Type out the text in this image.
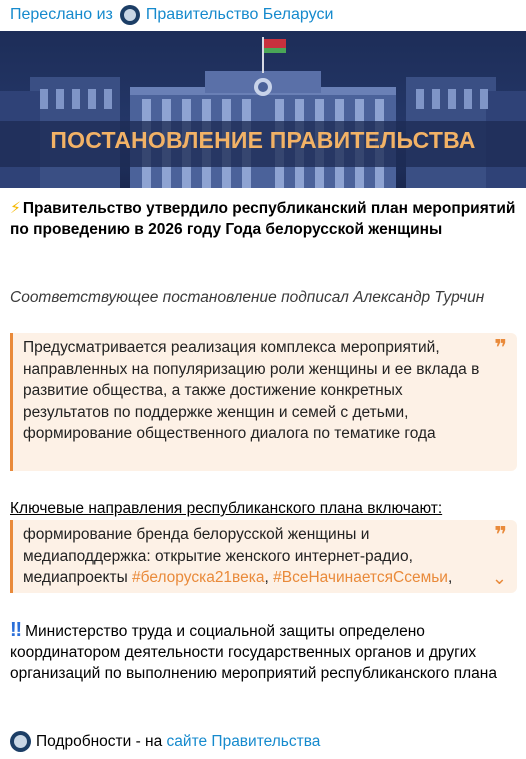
Переслано из Правительство Беларуси
ПОСТАНОВЛЕНИЕ ПРАВИТЕЛЬСТВА
⚡ Правительство утвердило республиканский план мероприятий по проведению в 2026 году Года белорусской женщины
Соответствующее постановление подписал Александр Турчин
Предусматривается реализация комплекса мероприятий, направленных на популяризацию роли женщины и ее вклада в развитие общества, а также достижение конкретных результатов по поддержке женщин и семей с детьми, формирование общественного диалога по тематике года
❞
Ключевые направления республиканского плана включают:
формирование бренда белорусской женщины и медиаподдержка: открытие женского интернет-радио, медиапроекты #белоруска21века, #ВсеНачинаетсяСсемьи,
❞
⌄
‼ Министерство труда и социальной защиты определено координатором деятельности государственных органов и других организаций по выполнению мероприятий республиканского плана
Подробности - на
сайте Правительства
